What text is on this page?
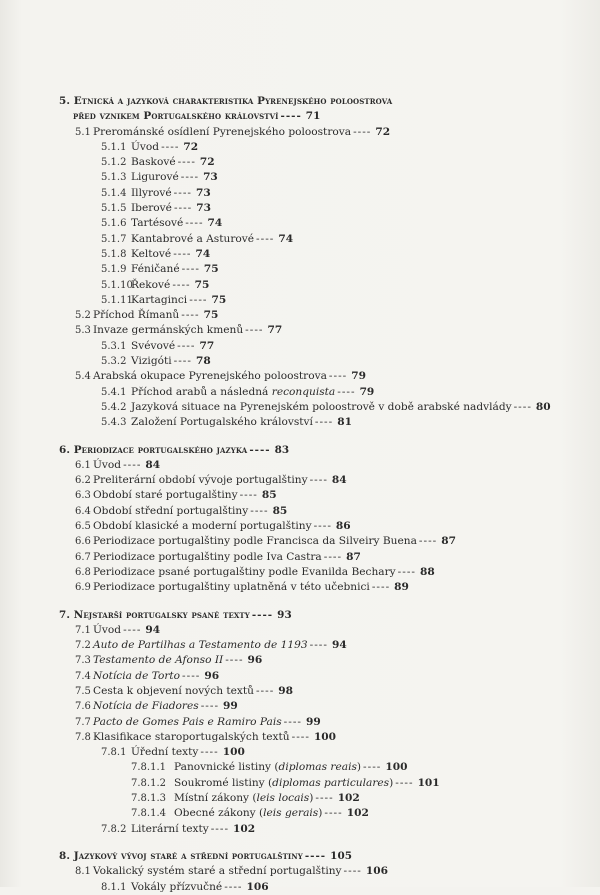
5. Etnická a jazyková charakteristika Pyrenejského poloostrova
před vznikem Portugalského království ---- 71
5.1 Prerománské osídlení Pyrenejského poloostrova ---- 72
5.1.1 Úvod ---- 72
5.1.2 Baskové ---- 72
5.1.3 Ligurové ---- 73
5.1.4 Illyrové ---- 73
5.1.5 Iberové ---- 73
5.1.6 Tartésové ---- 74
5.1.7 Kantabrové a Asturové ---- 74
5.1.8 Keltové ---- 74
5.1.9 Féničané ---- 75
5.1.10
Řekové ---- 75
5.1.11
Kartaginci ---- 75
5.2 Příchod Římanů ---- 75
5.3 Invaze germánských kmenů ---- 77
5.3.1 Svévové ---- 77
5.3.2 Vizigóti ---- 78
5.4 Arabská okupace Pyrenejského poloostrova ---- 79
5.4.1 Příchod arabů a následná reconquista ---- 79
5.4.2 Jazyková situace na Pyrenejském poloostrově v době arabské nadvlády ---- 80
5.4.3 Založení Portugalského království ---- 81
6. Periodizace portugalského jazyka ---- 83
6.1 Úvod ---- 84
6.2 Preliterární období vývoje portugalštiny ---- 84
6.3 Období staré portugalštiny ---- 85
6.4 Období střední portugalštiny ---- 85
6.5 Období klasické a moderní portugalštiny ---- 86
6.6 Periodizace portugalštiny podle Francisca da Silveiry Buena ---- 87
6.7 Periodizace portugalštiny podle Iva Castra ---- 87
6.8 Periodizace psané portugalštiny podle Evanilda Bechary ---- 88
6.9 Periodizace portugalštiny uplatněná v této učebnici ---- 89
7. Nejstarší portugalsky psané texty ---- 93
7.1 Úvod ---- 94
7.2 Auto de Partilhas a Testamento de 1193 ---- 94
7.3 Testamento de Afonso II ---- 96
7.4 Notícia de Torto ---- 96
7.5 Cesta k objevení nových textů ---- 98
7.6 Notícia de Fiadores ---- 99
7.7 Pacto de Gomes Pais e Ramiro Pais ---- 99
7.8 Klasifikace staroportugalských textů ---- 100
7.8.1 Úřední texty ---- 100
7.8.1.1 Panovnické listiny (diplomas reais) ---- 100
7.8.1.2 Soukromé listiny (diplomas particulares) ---- 101
7.8.1.3 Místní zákony (leis locais) ---- 102
7.8.1.4 Obecné zákony (leis gerais) ---- 102
7.8.2 Literární texty ---- 102
8. Jazykový vývoj staré a střední portugalštiny ---- 105
8.1 Vokalický systém staré a střední portugalštiny ---- 106
8.1.1 Vokály přízvučné ---- 106
